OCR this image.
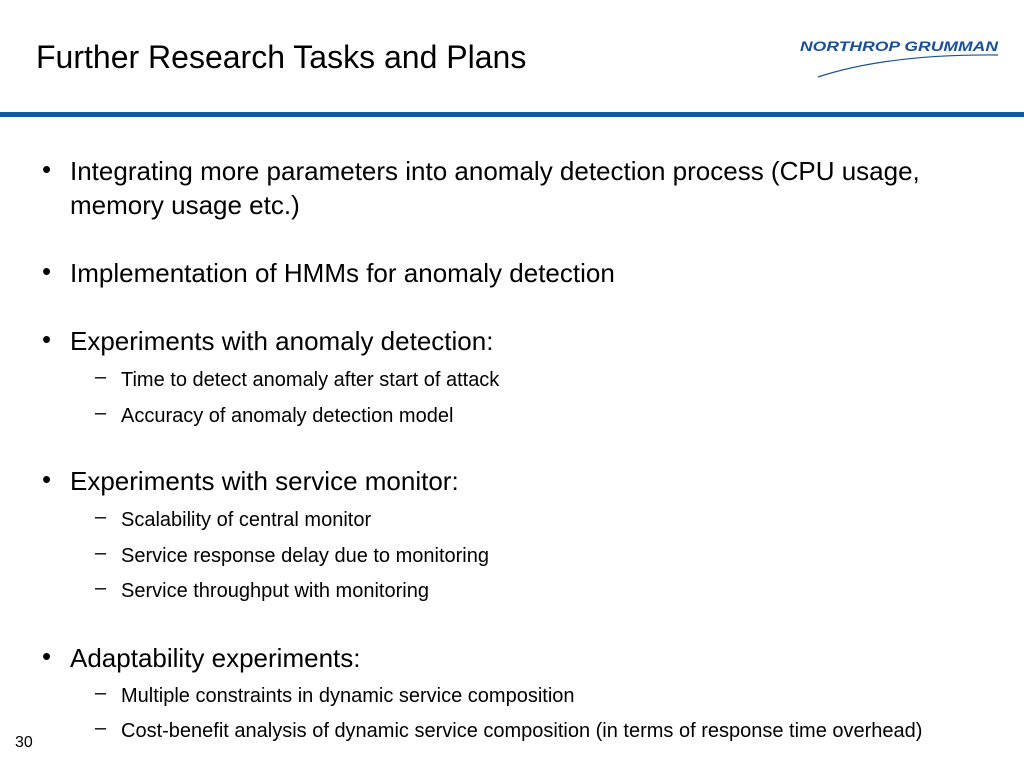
Further Research Tasks and Plans	NORTHROP GRUMMAN
• Integrating more parameters into anomaly detection process (CPU usage, memory usage etc.)
• Implementation of HMMs for anomaly detection
• Experiments with anomaly detection:
– Time to detect anomaly after start of attack
– Accuracy of anomaly detection model
• Experiments with service monitor:
– Scalability of central monitor
– Service response delay due to monitoring
– Service throughput with monitoring
• Adaptability experiments:
– Multiple constraints in dynamic service composition
– Cost-benefit analysis of dynamic service composition (in terms of response time overhead)
30
